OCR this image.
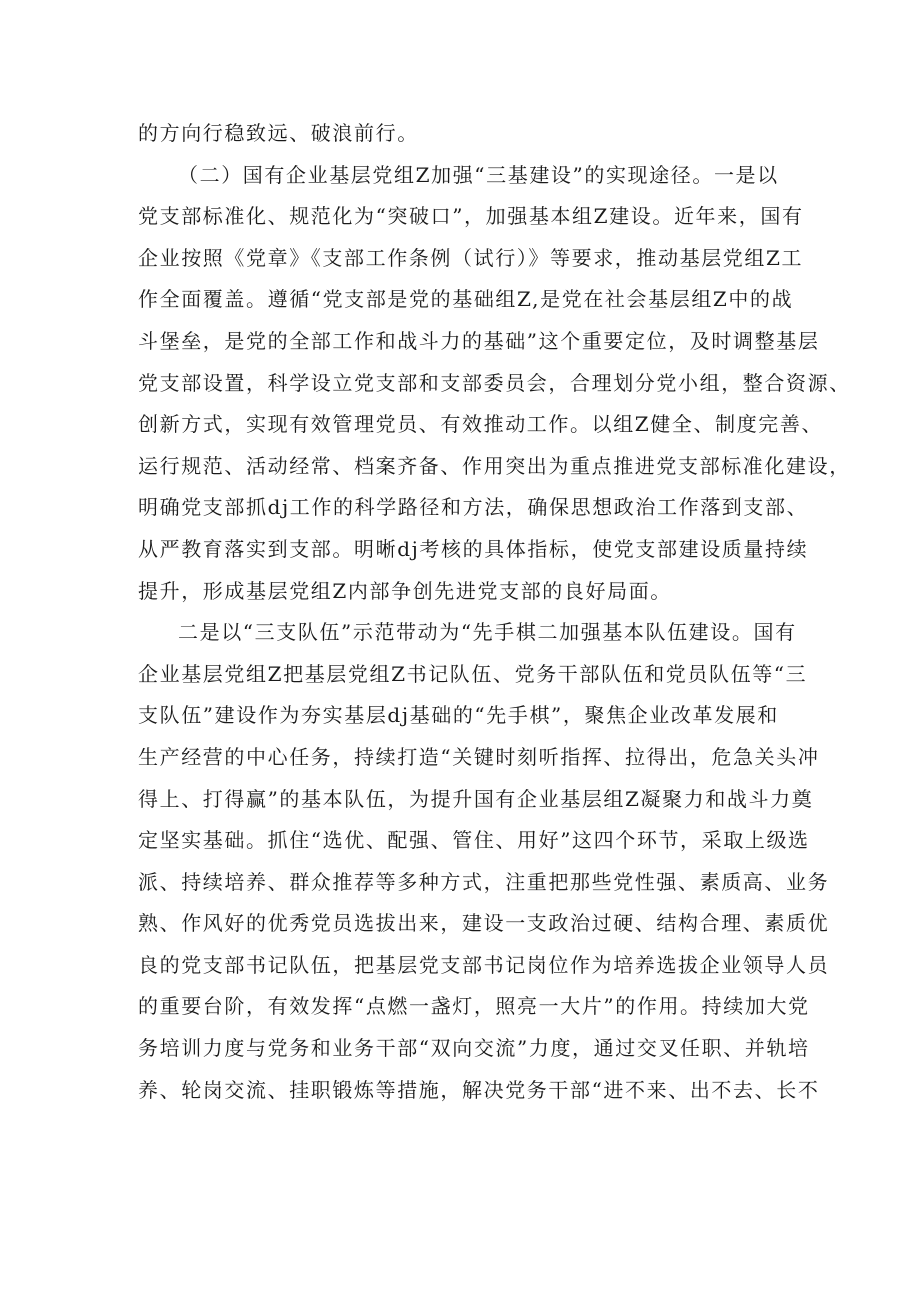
的方向行稳致远、破浪前行。
（二）国有企业基层党组Z加强“三基建设”的实现途径。一是以
党支部标准化、规范化为“突破口”，加强基本组Z建设。近年来，国有
企业按照《党章》《支部工作条例（试行）》等要求，推动基层党组Z工
作全面覆盖。遵循“党支部是党的基础组Z,是党在社会基层组Z中的战
斗堡垒，是党的全部工作和战斗力的基础”这个重要定位，及时调整基层
党支部设置，科学设立党支部和支部委员会，合理划分党小组，整合资源、
创新方式，实现有效管理党员、有效推动工作。以组Z健全、制度完善、
运行规范、活动经常、档案齐备、作用突出为重点推进党支部标准化建设，
明确党支部抓dj工作的科学路径和方法，确保思想政治工作落到支部、
从严教育落实到支部。明晰dj考核的具体指标，使党支部建设质量持续
提升，形成基层党组Z内部争创先进党支部的良好局面。
二是以“三支队伍”示范带动为“先手棋二加强基本队伍建设。国有
企业基层党组Z把基层党组Z书记队伍、党务干部队伍和党员队伍等“三
支队伍”建设作为夯实基层dj基础的“先手棋”，聚焦企业改革发展和
生产经营的中心任务，持续打造“关键时刻听指挥、拉得出，危急关头冲
得上、打得赢”的基本队伍，为提升国有企业基层组Z凝聚力和战斗力奠
定坚实基础。抓住“选优、配强、管住、用好”这四个环节，采取上级选
派、持续培养、群众推荐等多种方式，注重把那些党性强、素质高、业务
熟、作风好的优秀党员选拔出来，建设一支政治过硬、结构合理、素质优
良的党支部书记队伍，把基层党支部书记岗位作为培养选拔企业领导人员
的重要台阶，有效发挥“点燃一盏灯，照亮一大片”的作用。持续加大党
务培训力度与党务和业务干部“双向交流”力度，通过交叉任职、并轨培
养、轮岗交流、挂职锻炼等措施，解决党务干部“进不来、出不去、长不
